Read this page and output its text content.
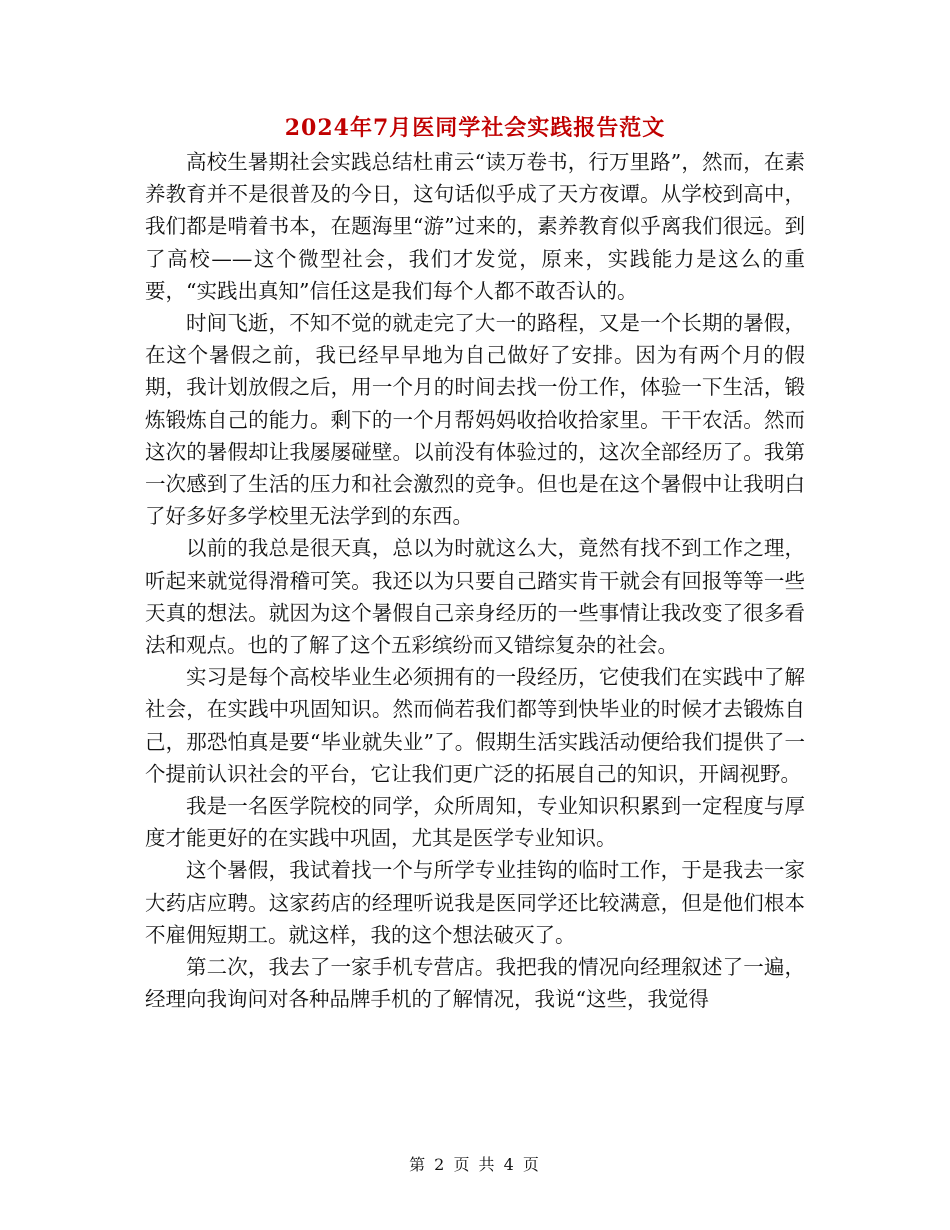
2024年7月医同学社会实践报告范文

高校生暑期社会实践总结杜甫云“读万卷书，行万里路”，然而，在素养教育并不是很普及的今日，这句话似乎成了天方夜谭。从学校到高中，我们都是啃着书本，在题海里“游”过来的，素养教育似乎离我们很远。到了高校——这个微型社会，我们才发觉，原来，实践能力是这么的重要，“实践出真知”信任这是我们每个人都不敢否认的。

时间飞逝，不知不觉的就走完了大一的路程，又是一个长期的暑假，在这个暑假之前，我已经早早地为自己做好了安排。因为有两个月的假期，我计划放假之后，用一个月的时间去找一份工作，体验一下生活，锻炼锻炼自己的能力。剩下的一个月帮妈妈收拾收拾家里。干干农活。然而这次的暑假却让我屡屡碰壁。以前没有体验过的，这次全部经历了。我第一次感到了生活的压力和社会激烈的竞争。但也是在这个暑假中让我明白了好多好多学校里无法学到的东西。

以前的我总是很天真，总以为时就这么大，竟然有找不到工作之理，听起来就觉得滑稽可笑。我还以为只要自己踏实肯干就会有回报等等一些天真的想法。就因为这个暑假自己亲身经历的一些事情让我改变了很多看法和观点。也的了解了这个五彩缤纷而又错综复杂的社会。

实习是每个高校毕业生必须拥有的一段经历，它使我们在实践中了解社会，在实践中巩固知识。然而倘若我们都等到快毕业的时候才去锻炼自己，那恐怕真是要“毕业就失业”了。假期生活实践活动便给我们提供了一个提前认识社会的平台，它让我们更广泛的拓展自己的知识，开阔视野。

我是一名医学院校的同学，众所周知，专业知识积累到一定程度与厚度才能更好的在实践中巩固，尤其是医学专业知识。

这个暑假，我试着找一个与所学专业挂钩的临时工作，于是我去一家大药店应聘。这家药店的经理听说我是医同学还比较满意，但是他们根本不雇佣短期工。就这样，我的这个想法破灭了。

第二次，我去了一家手机专营店。我把我的情况向经理叙述了一遍，经理向我询问对各种品牌手机的了解情况，我说“这些，我觉得

第 2 页 共 4 页
